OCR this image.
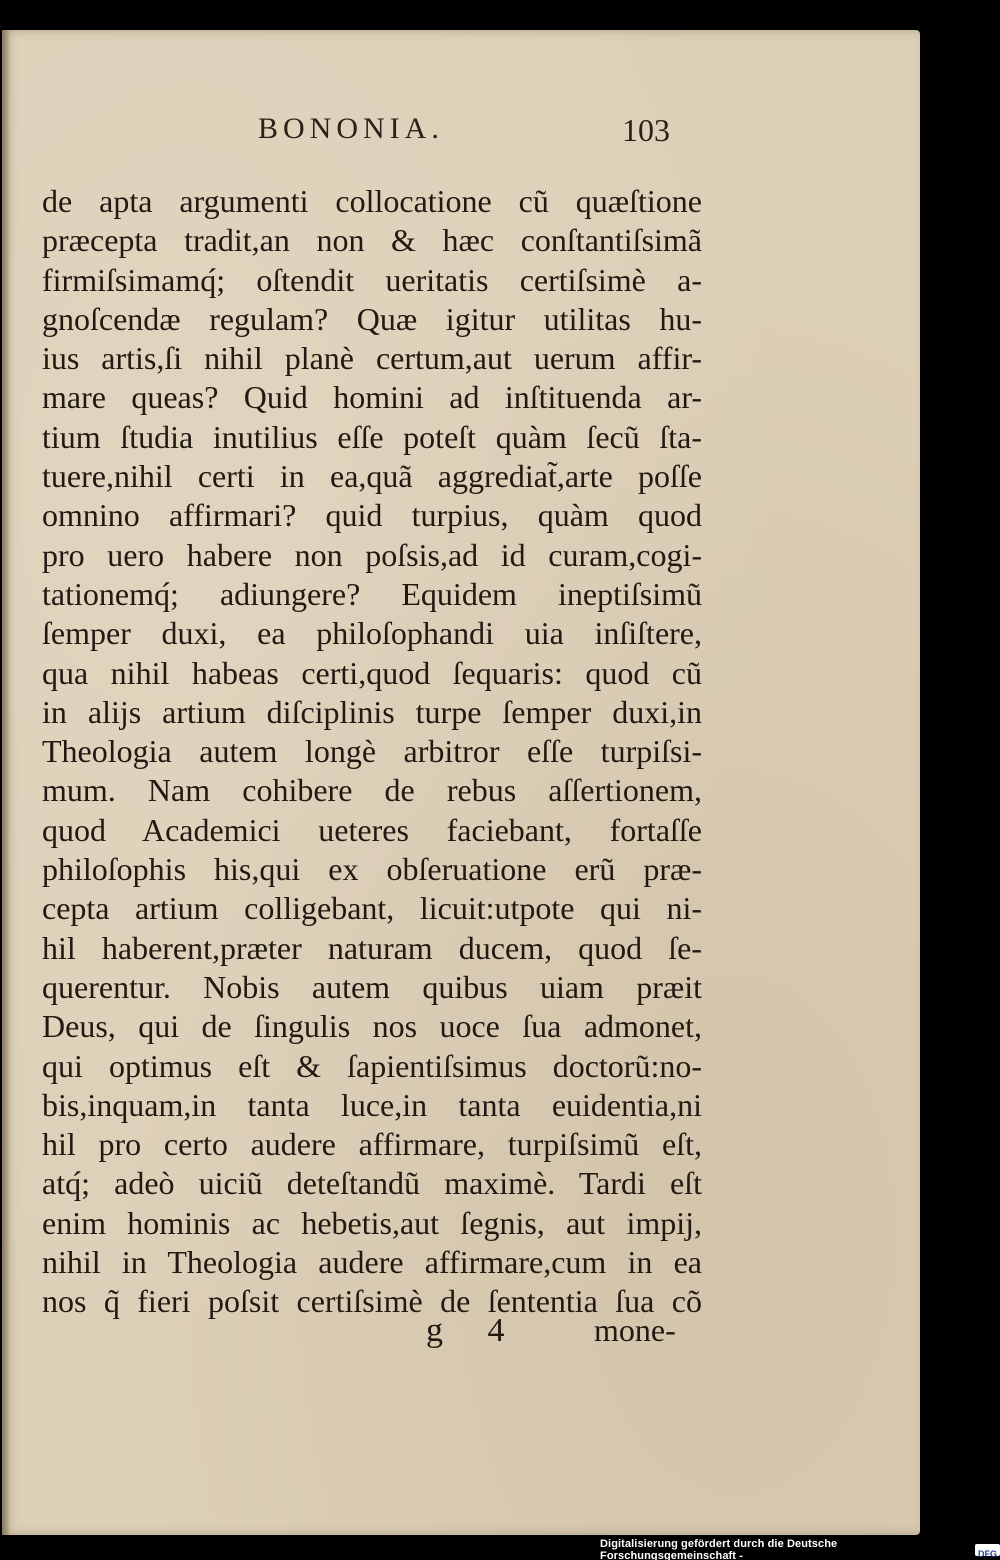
BONONIA.	103
de apta argumenti collocatione cũ quæſtione
præcepta tradit,an non & hæc conſtantiſsimã
firmiſsimamq́; oſtendit ueritatis certiſsimè a-
gnoſcendæ regulam? Quæ igitur utilitas hu-
ius artis,ſi nihil planè certum,aut uerum affir-
mare queas? Quid homini ad inſtituenda ar-
tium ſtudia inutilius eſſe poteſt quàm ſecũ ſta-
tuere,nihil certi in ea,quã aggrediat̃,arte poſſe
omnino affirmari? quid turpius, quàm quod
pro uero habere non poſsis,ad id curam,cogi-
tationemq́; adiungere? Equidem ineptiſsimũ
ſemper duxi, ea philoſophandi uia inſiſtere,
qua nihil habeas certi,quod ſequaris: quod cũ
in alijs artium diſciplinis turpe ſemper duxi,in
Theologia autem longè arbitror eſſe turpiſsi-
mum. Nam cohibere de rebus aſſertionem,
quod Academici ueteres faciebant, fortaſſe
philoſophis his,qui ex obſeruatione erũ præ-
cepta artium colligebant, licuit:utpote qui ni-
hil haberent,præter naturam ducem, quod ſe-
querentur. Nobis autem quibus uiam præit
Deus, qui de ſingulis nos uoce ſua admonet,
qui optimus eſt & ſapientiſsimus doctorũ:no-
bis,inquam,in tanta luce,in tanta euidentia,ni
hil pro certo audere affirmare, turpiſsimũ eſt,
atq́; adeò uiciũ deteſtandũ maximè. Tardi eſt
enim hominis ac hebetis,aut ſegnis, aut impij,
nihil in Theologia audere affirmare,cum in ea
nos q̃ fieri poſsit certiſsimè de ſententia ſua cõ
g 4 mone-
Digitalisierung gefördert durch die Deutsche Forschungsgemeinschaft -	DFG
